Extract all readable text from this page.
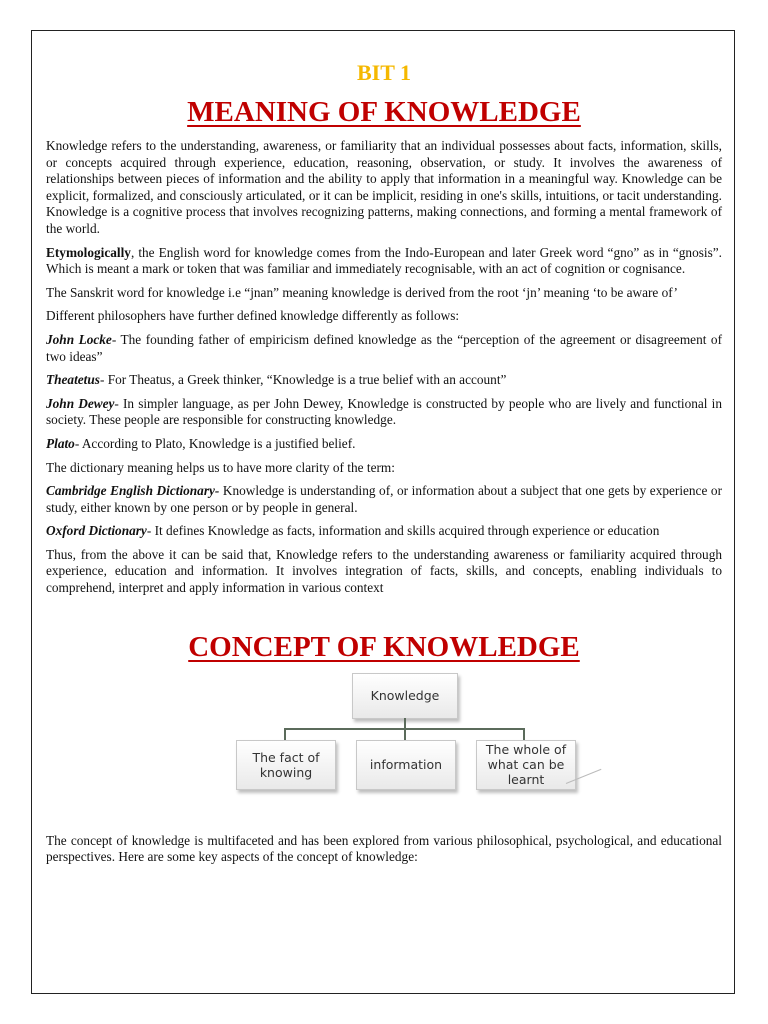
BIT 1
MEANING OF KNOWLEDGE

Knowledge refers to the understanding, awareness, or familiarity that an individual possesses about facts, information, skills, or concepts acquired through experience, education, reasoning, observation, or study. It involves the awareness of relationships between pieces of information and the ability to apply that information in a meaningful way. Knowledge can be explicit, formalized, and consciously articulated, or it can be implicit, residing in one's skills, intuitions, or tacit understanding. Knowledge is a cognitive process that involves recognizing patterns, making connections, and forming a mental framework of the world.

Etymologically, the English word for knowledge comes from the Indo-European and later Greek word “gno” as in “gnosis”. Which is meant a mark or token that was familiar and immediately recognisable, with an act of cognition or cognisance.

The Sanskrit word for knowledge i.e “jnan” meaning knowledge is derived from the root ‘jn’ meaning ‘to be aware of’

Different philosophers have further defined knowledge differently as follows:

John Locke- The founding father of empiricism defined knowledge as the “perception of the agreement or disagreement of two ideas”

Theatetus- For Theatus, a Greek thinker, “Knowledge is a true belief with an account”

John Dewey- In simpler language, as per John Dewey, Knowledge is constructed by people who are lively and functional in society. These people are responsible for constructing knowledge.

Plato- According to Plato, Knowledge is a justified belief.

The dictionary meaning helps us to have more clarity of the term:

Cambridge English Dictionary- Knowledge is understanding of, or information about a subject that one gets by experience or study, either known by one person or by people in general.

Oxford Dictionary- It defines Knowledge as facts, information and skills acquired through experience or education

Thus, from the above it can be said that, Knowledge refers to the understanding awareness or familiarity acquired through experience, education and information. It involves integration of facts, skills, and concepts, enabling individuals to comprehend, interpret and apply information in various context

CONCEPT OF KNOWLEDGE
Knowledge
The fact of knowing	information
The whole of what can be learnt

The concept of knowledge is multifaceted and has been explored from various philosophical, psychological, and educational perspectives. Here are some key aspects of the concept of knowledge:
